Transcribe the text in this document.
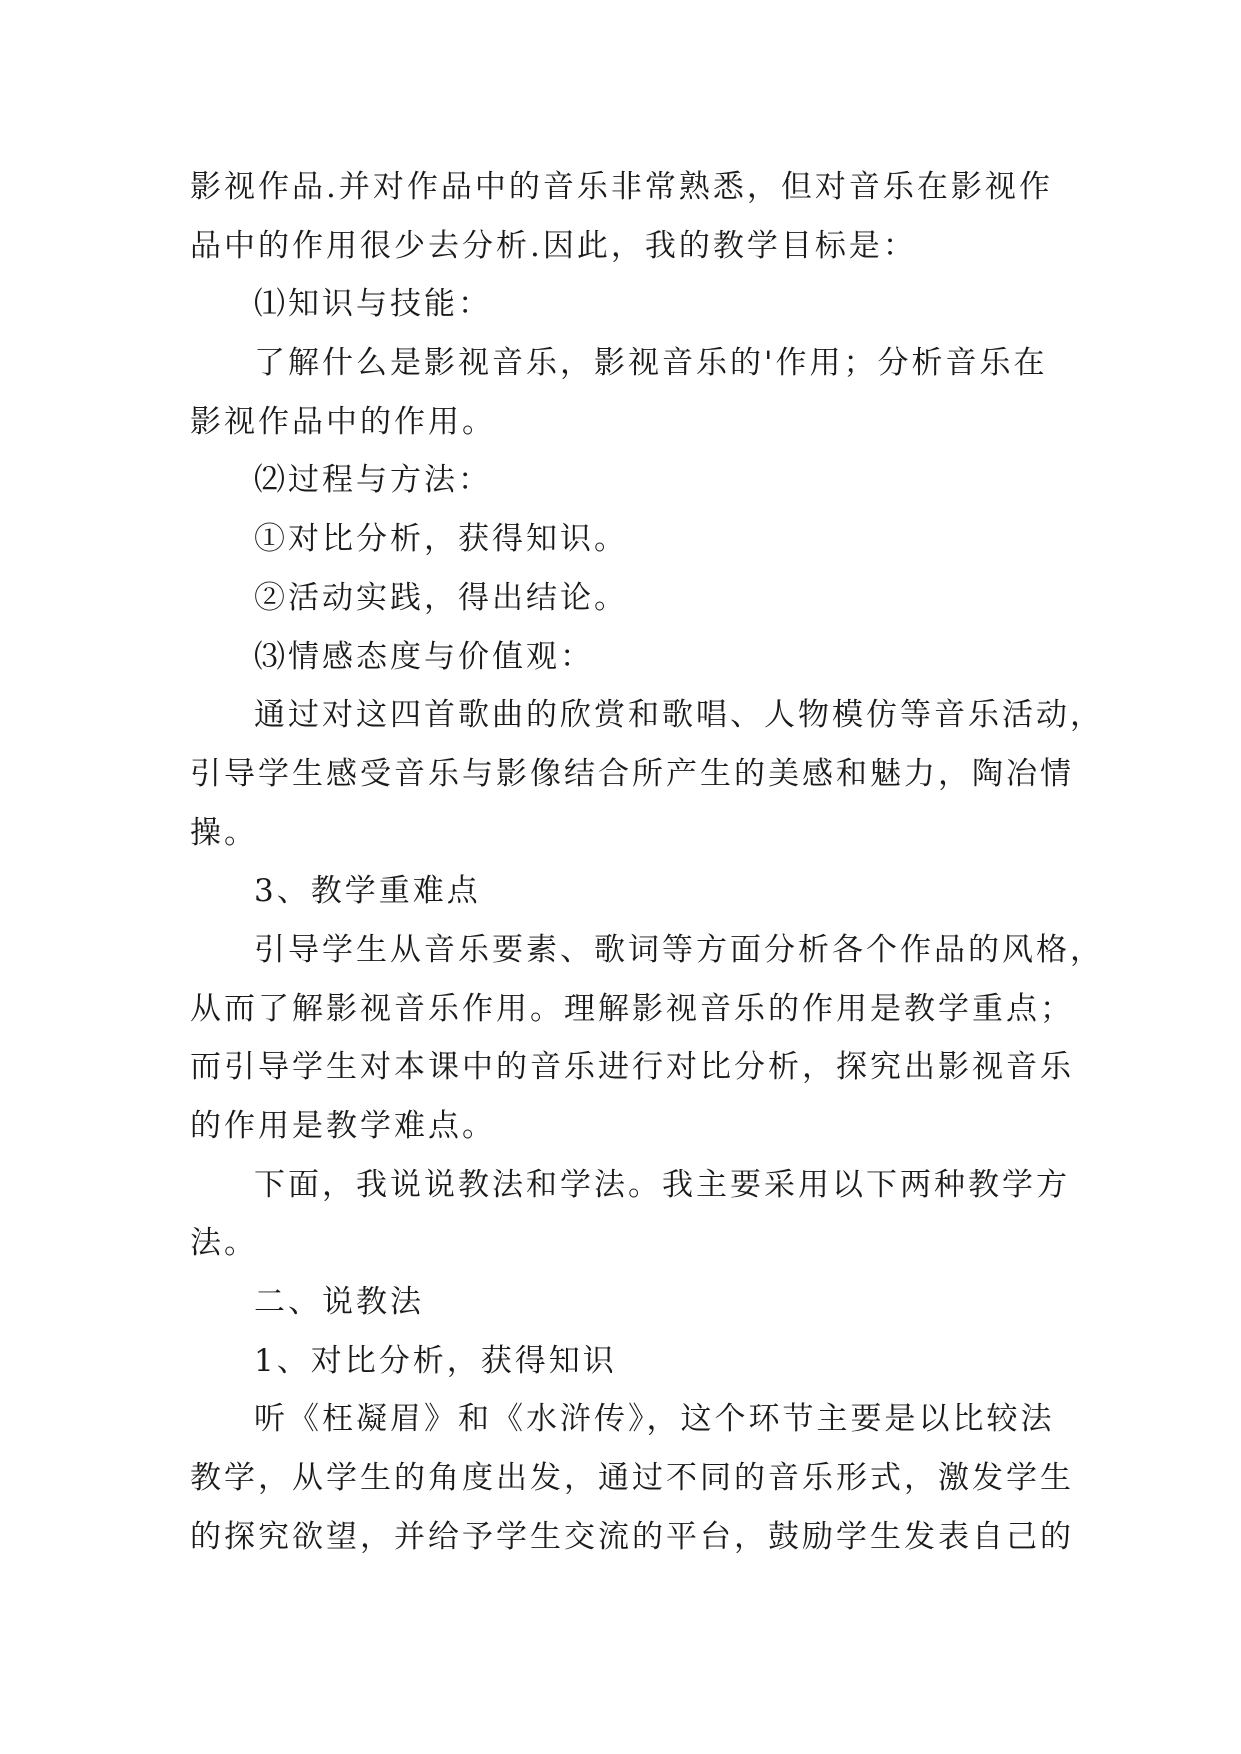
影视作品.并对作品中的音乐非常熟悉，但对音乐在影视作
品中的作用很少去分析.因此，我的教学目标是：
⑴知识与技能：
了解什么是影视音乐，影视音乐的'作用；分析音乐在
影视作品中的作用。
⑵过程与方法：
①对比分析，获得知识。
②活动实践，得出结论。
⑶情感态度与价值观：
通过对这四首歌曲的欣赏和歌唱、人物模仿等音乐活动，
引导学生感受音乐与影像结合所产生的美感和魅力，陶冶情
操。
3、教学重难点
引导学生从音乐要素、歌词等方面分析各个作品的风格，
从而了解影视音乐作用。理解影视音乐的作用是教学重点；
而引导学生对本课中的音乐进行对比分析，探究出影视音乐
的作用是教学难点。
下面，我说说教法和学法。我主要采用以下两种教学方
法。
二、说教法
1、对比分析，获得知识
听《枉凝眉》和《水浒传》，这个环节主要是以比较法
教学，从学生的角度出发，通过不同的音乐形式，激发学生
的探究欲望，并给予学生交流的平台，鼓励学生发表自己的
